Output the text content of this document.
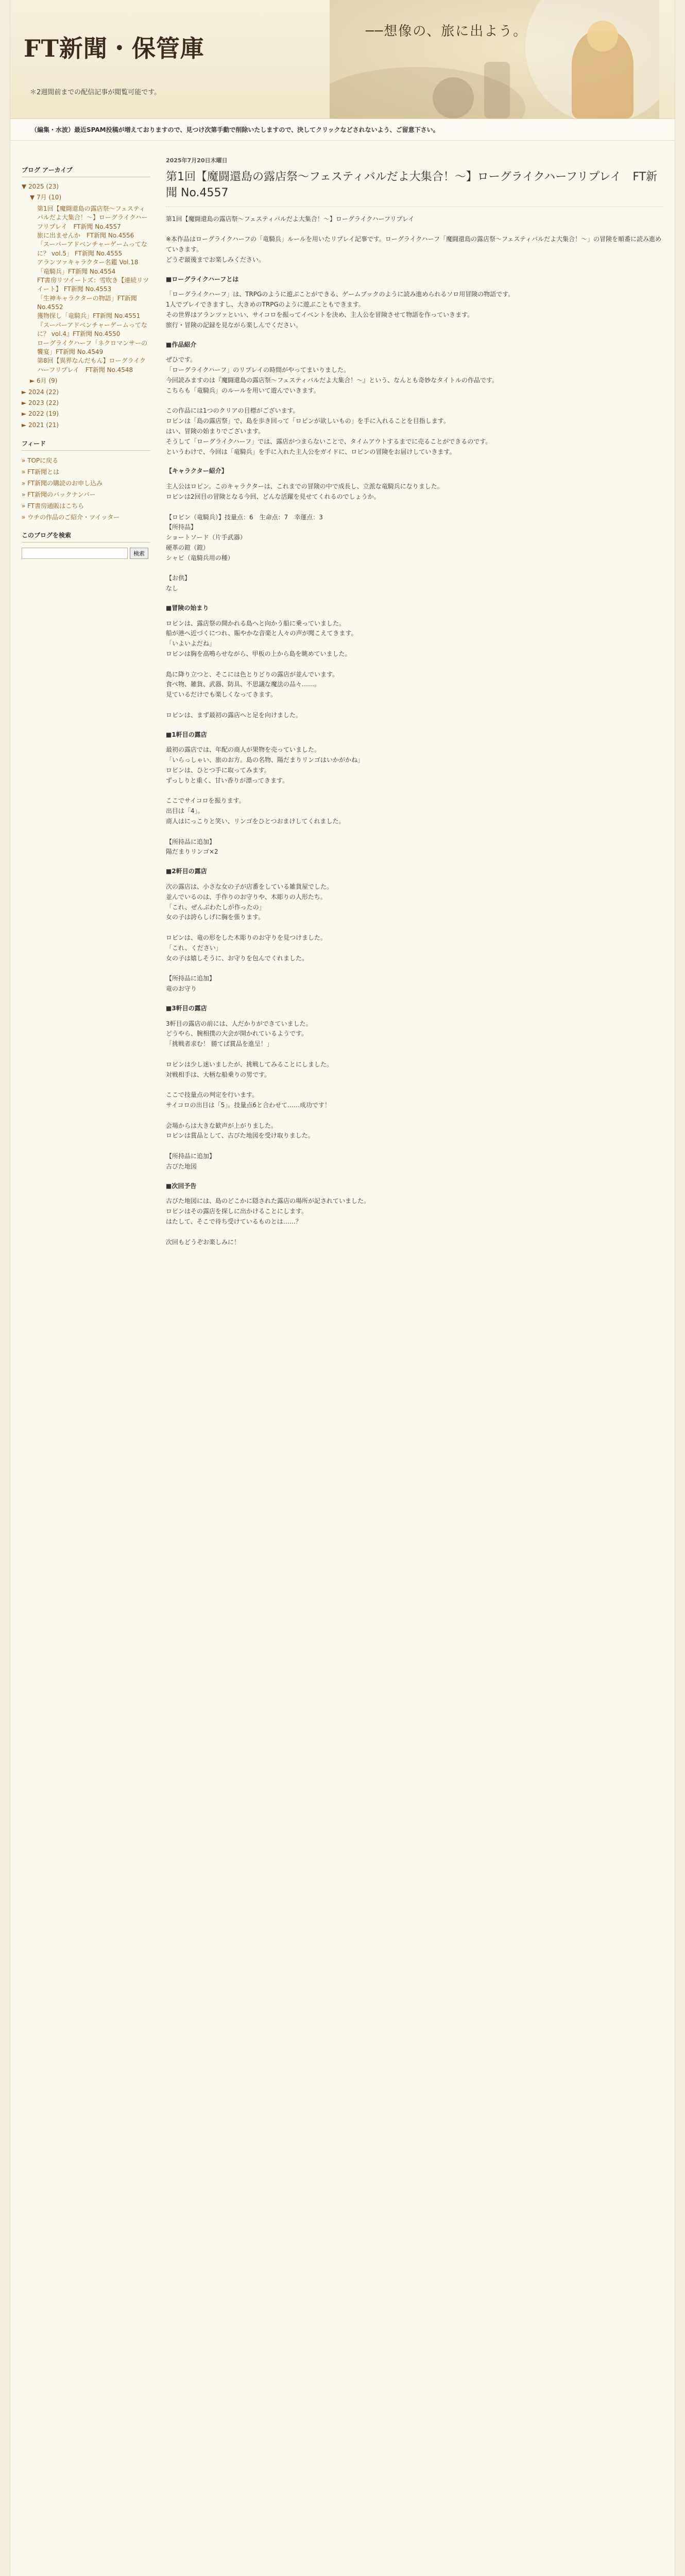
FT新聞・保管庫
＊2週間前までの配信記事が閲覧可能です。
──想像の、旅に出よう。
（編集・水波）最近SPAM投稿が増えておりますので、見つけ次第手動で削除いたしますので、決してクリックなどされないよう、ご留意下さい。
ブログ アーカイブ
▼ 2025 (23)
▼ 7月 (10)
第1回【魔闘還島の露店祭〜フェスティバルだよ大集合！〜】ローグライクハーフリプレイ　FT新聞 No.4557
旅に出ませんか　FT新聞 No.4556
「スーパーアドベンチャーゲームってなに？ vol.5」 FT新聞 No.4555
アランツァキャラクター名鑑 Vol.18「竜騎兵」FT新聞 No.4554
FT書房リツイートズ：雪吹き【連続リツイート】 FT新聞 No.4553
「生神キャラクターの物語」FT新聞 No.4552
獲物探し「竜騎兵」FT新聞 No.4551
『スーパーアドベンチャーゲームってなに？ vol.4』FT新聞 No.4550
ローグライクハーフ「ネクロマンサーの饗宴」FT新聞 No.4549
第8回【異界なんだもん】ローグライクハーフリプレイ　FT新聞 No.4548
► 6月 (9)
► 2024 (22)
► 2023 (22)
► 2022 (19)
► 2021 (21)
フィード
» TOPに戻る
» FT新聞とは
» FT新聞の購読のお申し込み
» FT新聞のバックナンバー
» FT書房通販はこちら
» ウチの作品のご紹介・ツイッター
このブログを検索
検索
2025年7月20日木曜日
第1回【魔闘還島の露店祭〜フェスティバルだよ大集合！〜】ローグライクハーフリプレイ　FT新聞 No.4557

第1回【魔闘還島の露店祭〜フェスティバルだよ大集合！〜】ローグライクハーフリプレイ

※本作品はローグライクハーフの「竜騎兵」ルールを用いたリプレイ記事です。ローグライクハーフ「魔闘還島の露店祭〜フェスティバルだよ大集合！〜」の冒険を順番に読み進めていきます。
どうぞ最後までお楽しみください。

■ローグライクハーフとは

「ローグライクハーフ」は、TRPGのように遊ぶことができる、ゲームブックのように読み進められるソロ用冒険の物語です。
1人でプレイできますし、大きめのTRPGのように遊ぶこともできます。
その世界はアランツァといい、サイコロを振ってイベントを決め、主人公を冒険させて物語を作っていきます。
旅行・冒険の記録を見ながら楽しんでください。

■作品紹介

ぜひです。
「ローグライクハーフ」のリプレイの時間がやってまいりました。
今回読みますのは『魔闘還島の露店祭〜フェスティバルだよ大集合！〜』という、なんとも奇妙なタイトルの作品です。
こちらも「竜騎兵」のルールを用いて遊んでいきます。

この作品には1つのクリアの目標がございます。
ロビンは「島の露店祭」で、島を歩き回って「ロビンが欲しいもの」を手に入れることを目指します。
はい、冒険の始まりでございます。
そうして「ローグライクハーフ」では、露店がつまらないことで、タイムアウトするまでに売ることができるのです。
というわけで、今回は「竜騎兵」を手に入れた主人公をガイドに、ロビンの冒険をお届けしていきます。

【キャラクター紹介】

主人公はロビン。このキャラクターは、これまでの冒険の中で成長し、立派な竜騎兵になりました。
ロビンは2回目の冒険となる今回、どんな活躍を見せてくれるのでしょうか。

【ロビン（竜騎兵）】技量点：6　生命点：7　幸運点：3
【所持品】
ショートソード（片手武器）
硬革の鎧（鎧）
シャビ（竜騎兵用の種）

【お供】
なし

■冒険の始まり

ロビンは、露店祭の開かれる島へと向かう船に乗っていました。
船が港へ近づくにつれ、賑やかな音楽と人々の声が聞こえてきます。
「いよいよだね」
ロビンは胸を高鳴らせながら、甲板の上から島を眺めていました。

島に降り立つと、そこには色とりどりの露店が並んでいます。
食べ物、雑貨、武器、防具、不思議な魔法の品々……。
見ているだけでも楽しくなってきます。

ロビンは、まず最初の露店へと足を向けました。

■1軒目の露店

最初の露店では、年配の商人が果物を売っていました。
「いらっしゃい、旅のお方。島の名物、陽だまりリンゴはいかがかね」
ロビンは、ひとつ手に取ってみます。
ずっしりと重く、甘い香りが漂ってきます。

ここでサイコロを振ります。
出目は「4」。
商人はにっこりと笑い、リンゴをひとつおまけしてくれました。

【所持品に追加】
陽だまりリンゴ×2

■2軒目の露店

次の露店は、小さな女の子が店番をしている雑貨屋でした。
並んでいるのは、手作りのお守りや、木彫りの人形たち。
「これ、ぜんぶわたしが作ったの」
女の子は誇らしげに胸を張ります。

ロビンは、竜の形をした木彫りのお守りを見つけました。
「これ、ください」
女の子は嬉しそうに、お守りを包んでくれました。

【所持品に追加】
竜のお守り

■3軒目の露店

3軒目の露店の前には、人だかりができていました。
どうやら、腕相撲の大会が開かれているようです。
「挑戦者求む！ 勝てば賞品を進呈！」

ロビンは少し迷いましたが、挑戦してみることにしました。
対戦相手は、大柄な船乗りの男です。

ここで技量点の判定を行います。
サイコロの出目は「5」。技量点6と合わせて……成功です！

会場からは大きな歓声が上がりました。
ロビンは賞品として、古びた地図を受け取りました。

【所持品に追加】
古びた地図

■次回予告

古びた地図には、島のどこかに隠された露店の場所が記されていました。
ロビンはその露店を探しに出かけることにします。
はたして、そこで待ち受けているものとは……？

次回もどうぞお楽しみに！
